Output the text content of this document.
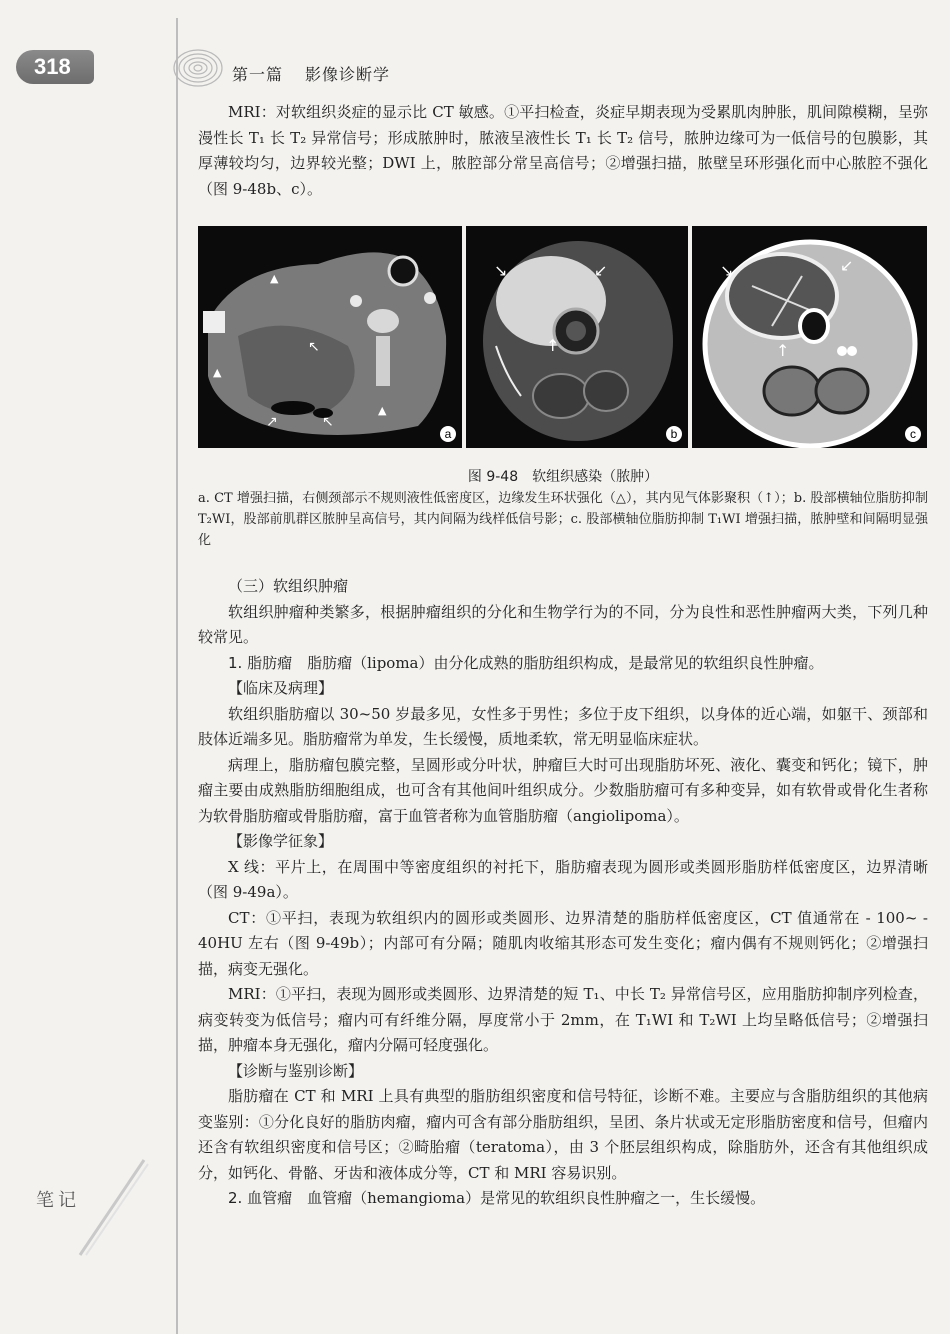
318	第一篇 影像诊断学

MRI：对软组织炎症的显示比 CT 敏感。①平扫检查，炎症早期表现为受累肌肉肿胀，肌间隙模糊，呈弥漫性长 T₁ 长 T₂ 异常信号；形成脓肿时，脓液呈液性长 T₁ 长 T₂ 信号，脓肿边缘可为一低信号的包膜影，其厚薄较均匀，边界较光整；DWI 上，脓腔部分常呈高信号；②增强扫描，脓壁呈环形强化而中心脓腔不强化（图 9-48b、c）。

▲
▲
▲
↖
↗	↖
a
↘	↙
↑
b
↘	↙
↑
c
图 9-48　软组织感染（脓肿）
a. CT 增强扫描，右侧颈部示不规则液性低密度区，边缘发生环状强化（△），其内见气体影聚积（↑）；b. 股部横轴位脂肪抑制 T₂WI，股部前肌群区脓肿呈高信号，其内间隔为线样低信号影；c. 股部横轴位脂肪抑制 T₁WI 增强扫描，脓肿壁和间隔明显强化

（三）软组织肿瘤

软组织肿瘤种类繁多，根据肿瘤组织的分化和生物学行为的不同，分为良性和恶性肿瘤两大类，下列几种较常见。

1. 脂肪瘤　 脂肪瘤（lipoma）由分化成熟的脂肪组织构成，是最常见的软组织良性肿瘤。

【临床及病理】

软组织脂肪瘤以 30~50 岁最多见，女性多于男性；多位于皮下组织，以身体的近心端，如躯干、颈部和肢体近端多见。脂肪瘤常为单发，生长缓慢，质地柔软，常无明显临床症状。

病理上，脂肪瘤包膜完整，呈圆形或分叶状，肿瘤巨大时可出现脂肪坏死、液化、囊变和钙化；镜下，肿瘤主要由成熟脂肪细胞组成，也可含有其他间叶组织成分。少数脂肪瘤可有多种变异，如有软骨或骨化生者称为软骨脂肪瘤或骨脂肪瘤，富于血管者称为血管脂肪瘤（angiolipoma）。

【影像学征象】

X 线：平片上，在周围中等密度组织的衬托下，脂肪瘤表现为圆形或类圆形脂肪样低密度区，边界清晰（图 9-49a）。

CT：①平扫，表现为软组织内的圆形或类圆形、边界清楚的脂肪样低密度区，CT 值通常在 - 100~ - 40HU 左右（图 9-49b）；内部可有分隔；随肌肉收缩其形态可发生变化；瘤内偶有不规则钙化；②增强扫描，病变无强化。

MRI：①平扫，表现为圆形或类圆形、边界清楚的短 T₁、中长 T₂ 异常信号区，应用脂肪抑制序列检查，病变转变为低信号；瘤内可有纤维分隔，厚度常小于 2mm，在 T₁WI 和 T₂WI 上均呈略低信号；②增强扫描，肿瘤本身无强化，瘤内分隔可轻度强化。

【诊断与鉴别诊断】

脂肪瘤在 CT 和 MRI 上具有典型的脂肪组织密度和信号特征，诊断不难。主要应与含脂肪组织的其他病变鉴别：①分化良好的脂肪肉瘤，瘤内可含有部分脂肪组织，呈团、条片状或无定形脂肪密度和信号，但瘤内还含有软组织密度和信号区；②畸胎瘤（teratoma），由 3 个胚层组织构成，除脂肪外，还含有其他组织成分，如钙化、骨骼、牙齿和液体成分等，CT 和 MRI 容易识别。

2. 血管瘤　 血管瘤（hemangioma）是常见的软组织良性肿瘤之一，生长缓慢。

笔记
